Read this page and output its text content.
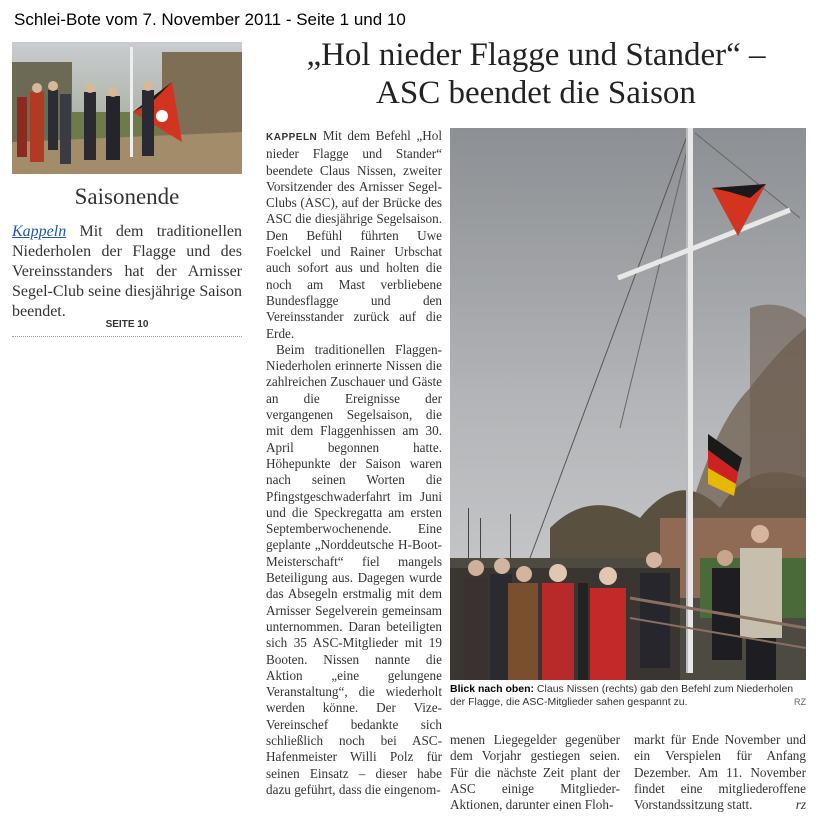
Schlei-Bote vom 7. November 2011 - Seite 1 und 10
Saisonende
Kappeln Mit dem traditionellen Niederholen der Flagge und des Vereinsstanders hat der Arnisser Segel-Club seine diesjährige Saison beendet.
SEITE 10
„Hol nieder Flagge und Stander“ –
ASC beendet die Saison

KAPPELN Mit dem Befehl „Hol nieder Flagge und Stander“ beendete Claus Nissen, zweiter Vorsitzender des Arnisser Segel-Clubs (ASC), auf der Brücke des ASC die diesjährige Segelsaison. Den Befühl führten Uwe Foelckel und Rainer Urbschat auch sofort aus und holten die noch am Mast verbliebene Bundesflagge und den Vereinsstander zurück auf die Erde.

Beim traditionellen Flaggen-Niederholen erinnerte Nissen die zahlreichen Zuschauer und Gäste an die Ereignisse der vergangenen Segelsaison, die mit dem Flaggenhissen am 30. April begonnen hatte. Höhepunkte der Saison waren nach seinen Worten die Pfingstgeschwaderfahrt im Juni und die Speckregatta am ersten Septemberwochenende. Eine geplante „Norddeutsche H-Boot-Meisterschaft“ fiel mangels Beteiligung aus. Dagegen wurde das Absegeln erstmalig mit dem Arnisser Segelverein gemeinsam unternommen. Daran beteiligten sich 35 ASC-Mitglieder mit 19 Booten. Nissen nannte die Aktion „eine gelungene Veranstaltung“, die wiederholt werden könne. Der Vize-Vereinschef bedankte sich schließlich noch bei ASC-Hafenmeister Willi Polz für seinen Einsatz – dieser habe dazu geführt, dass die eingenom-

Blick nach oben: Claus Nissen (rechts) gab den Befehl zum Niederholen der Flagge, die ASC-Mitglieder sahen gespannt zu.	RZ

menen Liegegelder gegenüber dem Vorjahr gestiegen seien. Für die nächste Zeit plant der ASC einige Mitglieder-Aktionen, darunter einen Floh-

markt für Ende November und ein Verspielen für Anfang Dezember. Am 11. November findet eine mitgliederoffene Vorstandssitzung statt.	rz
